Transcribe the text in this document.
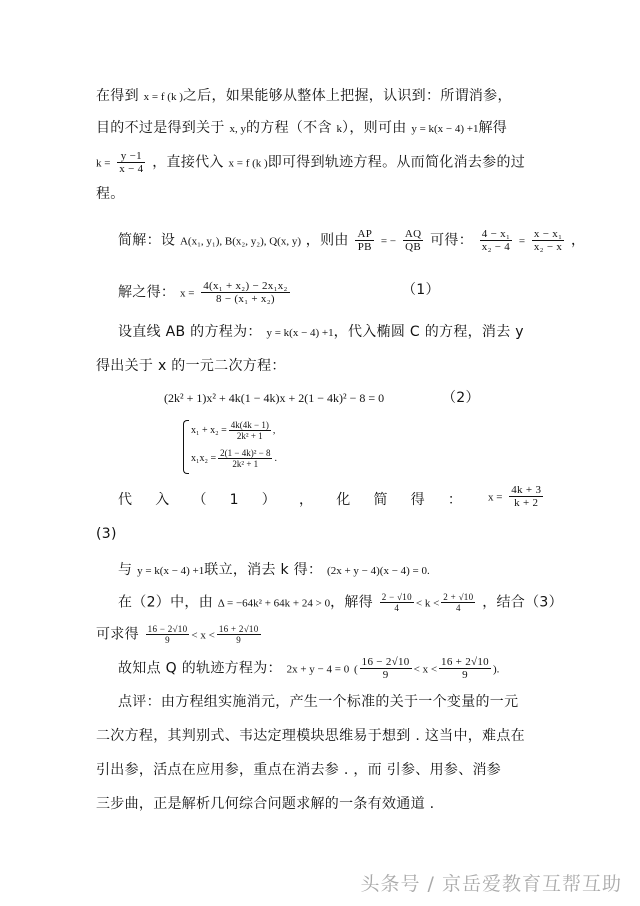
在得到 x = f (k )之后，如果能够从整体上把握，认识到：所谓消参，
目的不过是得到关于 x, y的方程（不含 k），则可由 y = k(x − 4) +1解得
$k = \frac{y -1}{x - 4}$ ，直接代入 x = f (k )即可得到轨迹方程。从而简化消去参的过
程。
简解：设 A(x₁, y₁), B(x₂, y₂), Q(x, y) ，则由 $\frac{AP}{PB}$ = − $\frac{AQ}{QB}$ 可得： $\frac{\text{4 − x₁}}{\text{x₂ − 4}} = \frac{\text{x − x₁}}{\text{x₂ − x}}$ ，
解之得： $x = \frac{\text{4(x₁ + x₂) − 2x₁x₂}}{\text{8 − (x₁ + x₂)}}$	（1）
设直线 AB 的方程为： y = k(x − 4) +1，代入椭圆 C 的方程，消去 y
得出关于 x 的一元二次方程：
(2k² + 1)x² + 4k(1 − 4k)x + 2(1 − 4k)² − 8 = 0	（2）
$x_1 + x_2 = \frac{4k(4k - 1)}{\text{2k² + 1}}$ ,
$x_1x_2 = \frac{\text{2(1 − 4k)² − 8}}{\text{2k² + 1}}$ .
代 入 （ 1 ） ， 化 简 得 ： $x = \frac{4k + 3}{k + 2}$
(3)
与 y = k(x − 4) +1联立，消去 k 得： (2x + y − 4)(x − 4) = 0.
在（2）中，由 Δ = −64k² + 64k + 24 > 0，解得 $\frac{2 - √10}{4} < k < \frac{2 + √10}{4}$ ，结合（3）
可求得 $\frac{16 - 2√10}{9} < x < \frac{16 + 2√10}{9}$
故知点 Q 的轨迹方程为： 2x + y − 4 = 0 ( $\frac{16 - 2√10}{9} < x < \frac{16 + 2√10}{9}$ ).
点评：由方程组实施消元，产生一个标准的关于一个变量的一元
二次方程，其判别式、韦达定理模块思维易于想到 . 这当中，难点在
引出参，活点在应用参，重点在消去参 . ，而 引参、用参、消参
三步曲，正是解析几何综合问题求解的一条有效通道 .
头条号 / 京岳爱教育互帮互助
